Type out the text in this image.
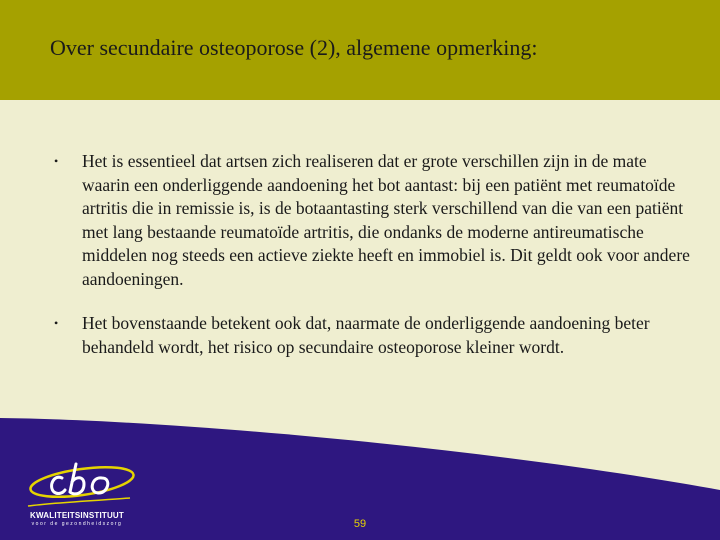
Over secundaire osteoporose (2), algemene opmerking:
• Het is essentieel dat artsen zich realiseren dat er grote verschillen zijn in de mate waarin een onderliggende aandoening het bot aantast: bij een patiënt met reumatoïde artritis die in remissie is, is de botaantasting sterk verschillend van die van een patiënt met lang bestaande reumatoïde artritis, die ondanks de moderne antireumatische middelen nog steeds een actieve ziekte heeft en immobiel is. Dit geldt ook voor andere aandoeningen.
• Het bovenstaande betekent ook dat, naarmate de onderliggende aandoening beter behandeld wordt, het risico op secundaire osteoporose kleiner wordt.
KWALITEITSINSTITUUT
voor de gezondheidszorg	59
